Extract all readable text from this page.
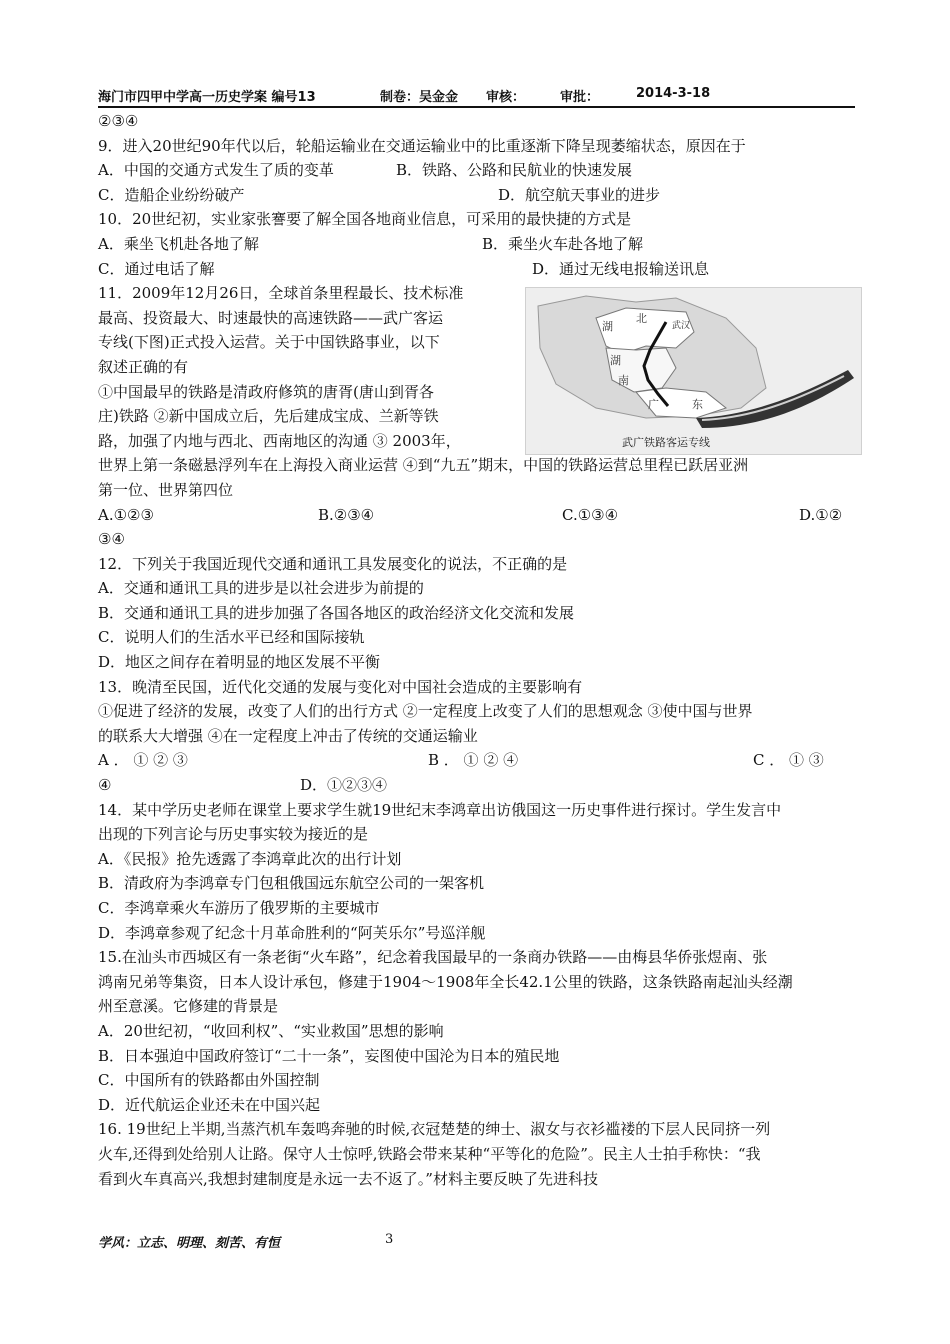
海门市四甲中学高一历史学案 编号13	制卷：吴金金 审核：	审批：	2014-3-18
②③④
9．进入20世纪90年代以后，轮船运输业在交通运输业中的比重逐渐下降呈现萎缩状态，原因在于
A．中国的交通方式发生了质的变革	B．铁路、公路和民航业的快速发展
C．造船企业纷纷破产	D．航空航天事业的进步
10．20世纪初，实业家张謇要了解全国各地商业信息，可采用的最快捷的方式是
A．乘坐飞机赴各地了解	B．乘坐火车赴各地了解
C．通过电话了解	D．通过无线电报输送讯息
11．2009年12月26日，全球首条里程最长、技术标准
最高、投资最大、时速最快的高速铁路——武广客运
专线(下图)正式投入运营。关于中国铁路事业，以下
叙述正确的有
①中国最早的铁路是清政府修筑的唐胥(唐山到胥各
庄)铁路 ②新中国成立后，先后建成宝成、兰新等铁
路，加强了内地与西北、西南地区的沟通 ③ 2003年，
世界上第一条磁悬浮列车在上海投入商业运营 ④到“九五”期末，中国的铁路运营总里程已跃居亚洲
第一位、世界第四位
A.①②③	B.②③④	C.①③④	D.①②
③④
12．下列关于我国近现代交通和通讯工具发展变化的说法，不正确的是
A．交通和通讯工具的进步是以社会进步为前提的
B．交通和通讯工具的进步加强了各国各地区的政治经济文化交流和发展
C．说明人们的生活水平已经和国际接轨
D．地区之间存在着明显的地区发展不平衡
13．晚清至民国，近代化交通的发展与变化对中国社会造成的主要影响有
①促进了经济的发展，改变了人们的出行方式 ②一定程度上改变了人们的思想观念 ③使中国与世界
的联系大大增强 ④在一定程度上冲击了传统的交通运输业
A ． ① ② ③	B ． ① ② ④	C ． ① ③
④	D．①②③④
14．某中学历史老师在课堂上要求学生就19世纪末李鸿章出访俄国这一历史事件进行探讨。学生发言中
出现的下列言论与历史事实较为接近的是
A．《民报》抢先透露了李鸿章此次的出行计划
B．清政府为李鸿章专门包租俄国远东航空公司的一架客机
C．李鸿章乘火车游历了俄罗斯的主要城市
D．李鸿章参观了纪念十月革命胜利的“阿芙乐尔”号巡洋舰
15.在汕头市西城区有一条老街“火车路”，纪念着我国最早的一条商办铁路——由梅县华侨张煜南、张
鸿南兄弟等集资，日本人设计承包，修建于1904～1908年全长42.1公里的铁路，这条铁路南起汕头经潮
州至意溪。它修建的背景是
A．20世纪初，“收回利权”、“实业救国”思想的影响
B．日本强迫中国政府签订“二十一条”，妄图使中国沦为日本的殖民地
C．中国所有的铁路都由外国控制
D．近代航运企业还未在中国兴起
16. 19世纪上半期,当蒸汽机车轰鸣奔驰的时候,衣冠楚楚的绅士、淑女与衣衫褴褛的下层人民同挤一列
火车,还得到处给别人让路。保守人士惊呼,铁路会带来某种“平等化的危险”。民主人士拍手称快：“我
看到火车真高兴,我想封建制度是永远一去不返了。”材料主要反映了先进科技
湖
北
武汉
湖
南
广	东
武广铁路客运专线
学风：立志、明理、刻苦、有恒	3
